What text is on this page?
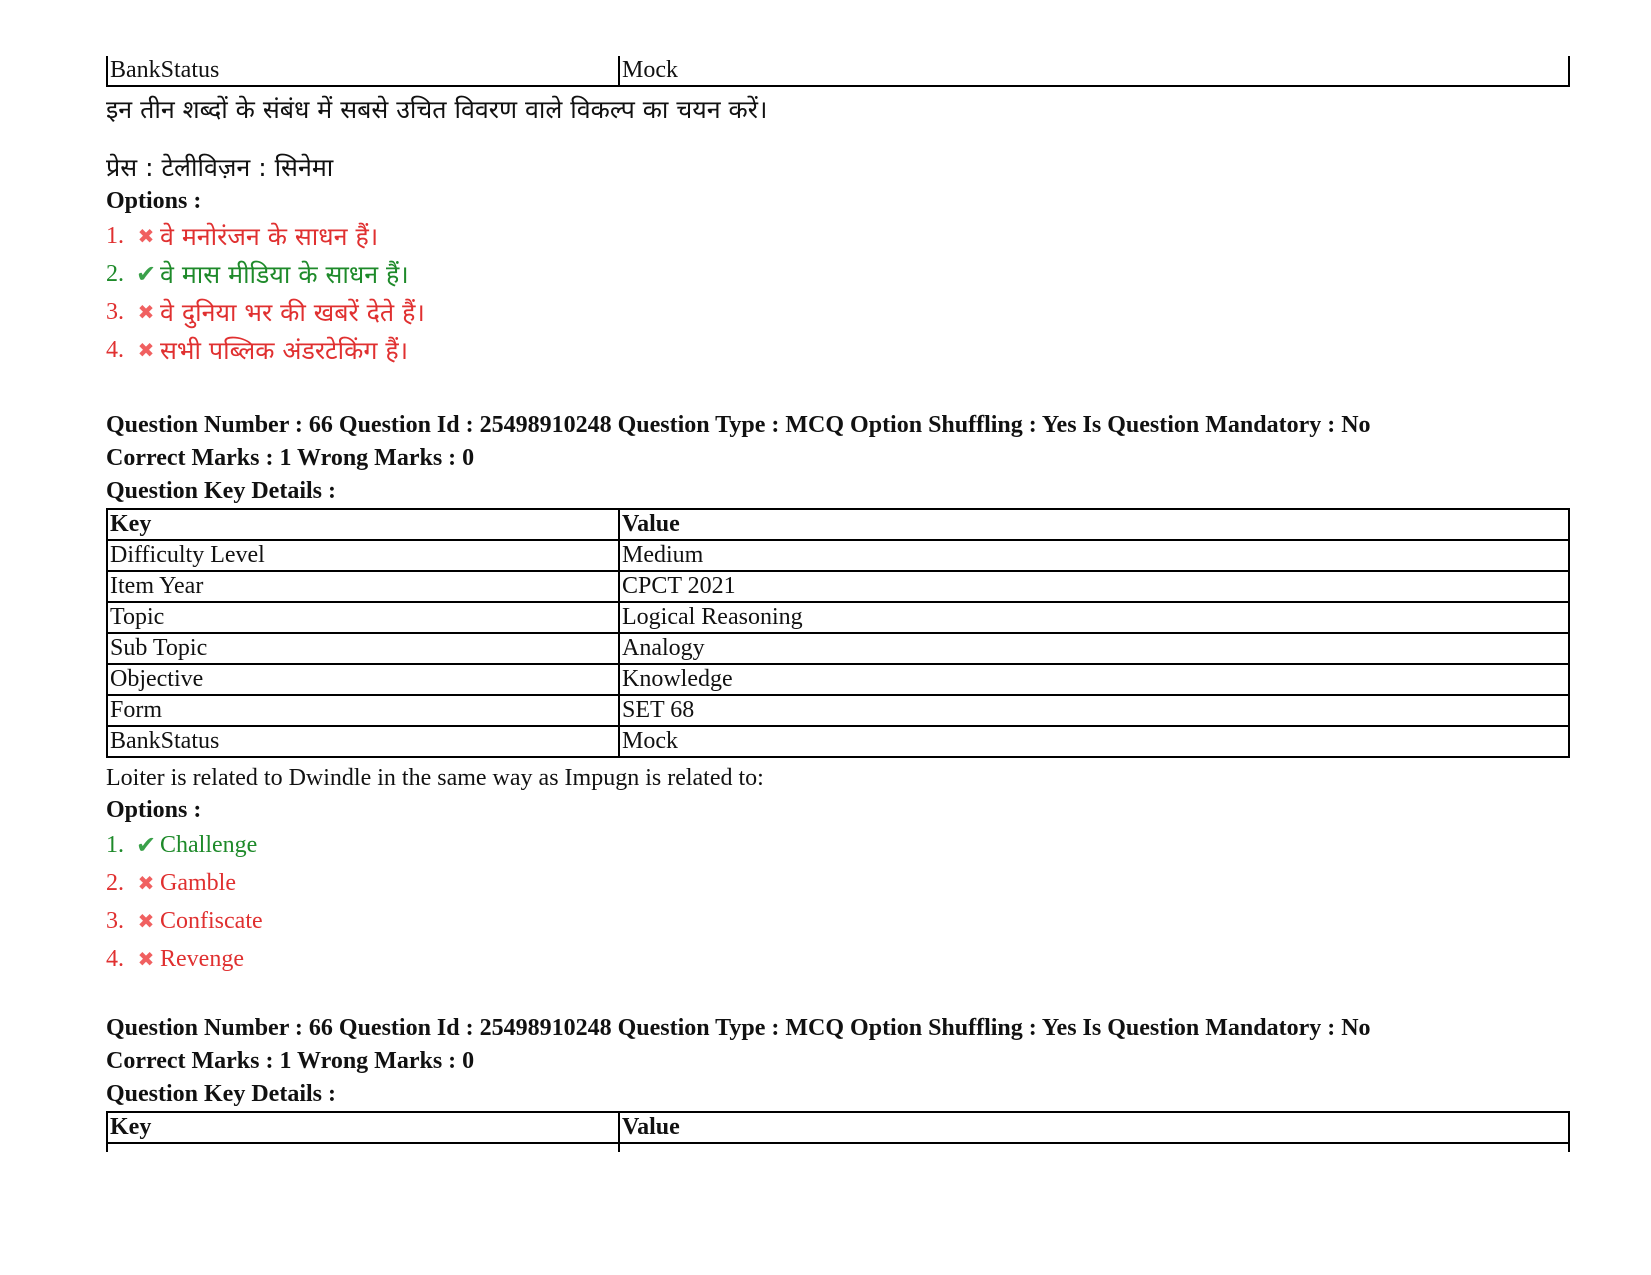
BankStatus	Mock
इन तीन शब्दों के संबंध में सबसे उचित विवरण वाले विकल्प का चयन करें।
प्रेस : टेलीविज़न : सिनेमा
Options :
1. ✖ वे मनोरंजन के साधन हैं।
2. ✔ वे मास मीडिया के साधन हैं।
3. ✖ वे दुनिया भर की खबरें देते हैं।
4. ✖ सभी पब्लिक अंडरटेकिंग हैं।
Question Number : 66 Question Id : 25498910248 Question Type : MCQ Option Shuffling : Yes Is Question Mandatory : No
Correct Marks : 1 Wrong Marks : 0
Question Key Details :
Key	Value
Difficulty Level	Medium
Item Year	CPCT 2021
Topic	Logical Reasoning
Sub Topic	Analogy
Objective	Knowledge
Form	SET 68
BankStatus	Mock
Loiter is related to Dwindle in the same way as Impugn is related to:
Options :
1. ✔ Challenge
2. ✖ Gamble
3. ✖ Confiscate
4. ✖ Revenge
Question Number : 66 Question Id : 25498910248 Question Type : MCQ Option Shuffling : Yes Is Question Mandatory : No
Correct Marks : 1 Wrong Marks : 0
Question Key Details :
Key	Value
